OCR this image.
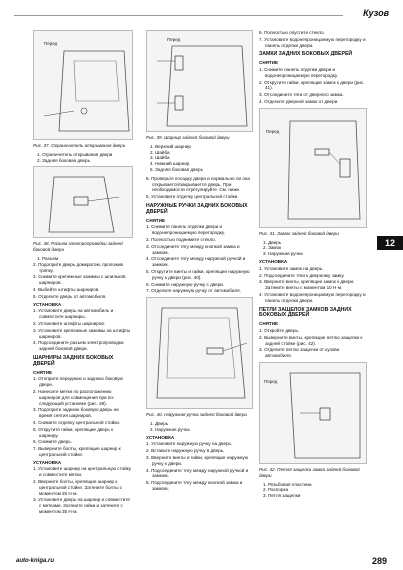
Кузов
Перед
Рис. 37. Ограничитель открывания двери
1. Ограничитель открывания двери
2. Задняя боковая дверь
Рис. 38. Разъем электропроводки задней боковой двери
1. Разъем
2. Подоприте дверь домкратом, проложив тряпку.
3. Снимите крепежные зажимы с шпильков шарниров.
4. Выбейте штифты шарниров.
5. Отделите дверь от автомобиля.
УСТАНОВКА
1. Установите дверь на автомобиль и совместите шарниры.
2. Установите штифты шарниров.
3. Установите крепежные зажимы на штифты шарниров.
4. Подсоедините разъем электропроводки задней боковой двери.
ШАРНИРЫ ЗАДНИХ БОКОВЫХ ДВЕРЕЙ
СНЯТИЕ
1. Отоприте переднюю и заднюю боковую двери.
2. Нанесите метки по расположению шарниров для совмещения при последующей установке (рис. 39).
3. Подоприте заднюю боковую дверь на время снятия шарниров.
4. Снимите отделку центральной стойки.
5. Открутите гайки, крепящие дверь к шарниру.
6. Снимите дверь.
7. Выверните болты, крепящие шарнир к центральной стойке.
УСТАНОВКА
1. Установите шарнир на центральную стойку и совместите метки.
2. Вверните болты, крепящие шарнир к центральной стойке. Затяните болты с моментом 25 Н·м.
3. Установите дверь на шарнир и совместите с метками. Затяните гайки и затяните с моментом 35 Н·м.
Перед
Рис. 39. Шарнир задней боковой двери
1. Верхний шарнир
2. Шайба
3. Шайба
4. Нижний шарнир
5. Задняя боковая дверь
6. Проверьте посадку двери и нормально ли она открывается/закрывается дверь. При необходимости отрегулируйте. См. ниже.
5. Установите отделку центральной стойки.
НАРУЖНЫЕ РУЧКИ ЗАДНИХ БОКОВЫХ ДВЕРЕЙ
СНЯТИЕ
1. Снимите панель отделки двери и водонепроницаемую перегородку.
2. Полностью поднимите стекло.
3. Отсоедините тягу между кнопкой замка и замком.
4. Отсоедините тягу между наружной ручкой и замком.
5. Открутите винты и гайки, крепящие наружную ручку к двери (рис. 40).
6. Снимите наружную ручку с двери.
7. Отделите наружную ручку от автомобиля.
Рис. 40. Наружная ручка задней боковой двери
1. Дверь
2. Наружная ручка
УСТАНОВКА
1. Установите наружную ручку на дверь.
2. Вставьте наружную ручку в дверь.
3. Вверните винты и гайки, крепящие наружную ручку к двери.
4. Подсоедините тягу между наружной ручкой и замком.
5. Подсоедините тягу между кнопкой замка и замком.
6. Полностью опустите стекло.
7. Установите водонепроницаемую перегородку и панель отделки двери.
ЗАМКИ ЗАДНИХ БОКОВЫХ ДВЕРЕЙ
СНЯТИЕ
1. Снимите панель отделки двери и водонепроницаемую перегородку.
2. Открутите гайки, крепящие замок к двери (рис. 41).
3. Отсоедините тяги от дверного замка.
4. Отделите дверной замок от двери.
Перед
Рис. 41. Замок задней боковой двери
1. Дверь
2. Замок
3. Наружная ручка
УСТАНОВКА
1. Установите замок на дверь.
2. Подсоедините тяги к дверному замку.
3. Вверните винты, крепящие замок к двери. Затяните винты с моментом 10 Н·м.
4. Установите водонепроницаемую перегородку и панель отделки двери.
ПЕТЛИ ЗАЩЕЛОК ЗАМКОВ ЗАДНИХ БОКОВЫХ ДВЕРЕЙ
СНЯТИЕ
1. Откройте дверь.
2. Выверните винты, крепящие петлю защелки к задней стойке (рис. 42).
3. Отделите петлю защелки от кузова автомобиля.
Перед
Рис. 42. Петля защелки замка задней боковой двери
1. Резьбовая пластина
2. Распорка
3. Петля защелки
12
auto-knigа.ru	289
